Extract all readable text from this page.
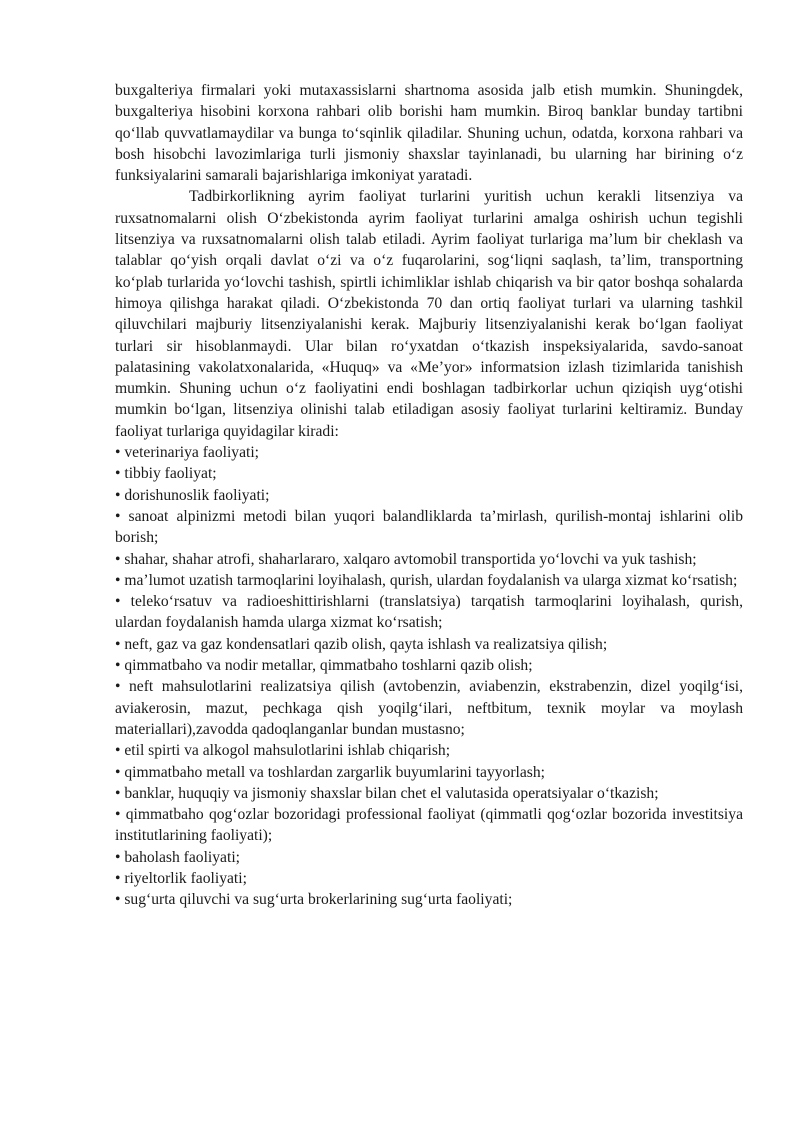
buxgalteriya firmalari yoki mutaxassislarni shartnoma asosida jalb etish mumkin. Shuningdek, buxgalteriya hisobini korxona rahbari olib borishi ham mumkin. Biroq banklar bunday tartibni qo‘llab quvvatlamaydilar va bunga to‘sqinlik qiladilar. Shuning uchun, odatda, korxona rahbari va bosh hisobchi lavozimlariga turli jismoniy shaxslar tayinlanadi, bu ularning har birining o‘z funksiyalarini samarali bajarishlariga imkoniyat yaratadi.

Tadbirkorlikning ayrim faoliyat turlarini yuritish uchun kerakli litsenziya va ruxsatnomalarni olish O‘zbekistonda ayrim faoliyat turlarini amalga oshirish uchun tegishli litsenziya va ruxsatnomalarni olish talab etiladi. Ayrim faoliyat turlariga ma’lum bir cheklash va talablar qo‘yish orqali davlat o‘zi va o‘z fuqarolarini, sog‘liqni saqlash, ta’lim, transportning ko‘plab turlarida yo‘lovchi tashish, spirtli ichimliklar ishlab chiqarish va bir qator boshqa sohalarda himoya qilishga harakat qiladi. O‘zbekistonda 70 dan ortiq faoliyat turlari va ularning tashkil qiluvchilari majburiy litsenziyalanishi kerak. Majburiy litsenziyalanishi kerak bo‘lgan faoliyat turlari sir hisoblanmaydi. Ular bilan ro‘yxatdan o‘tkazish inspeksiyalarida, savdo-sanoat palatasining vakolatxonalarida, «Huquq» va «Me’yor» informatsion izlash tizimlarida tanishish mumkin. Shuning uchun o‘z faoliyatini endi boshlagan tadbirkorlar uchun qiziqish uyg‘otishi mumkin bo‘lgan, litsenziya olinishi talab etiladigan asosiy faoliyat turlarini keltiramiz. Bunday faoliyat turlariga quyidagilar kiradi:

• veterinariya faoliyati;
• tibbiy faoliyat;
• dorishunoslik faoliyati;
• sanoat alpinizmi metodi bilan yuqori balandliklarda ta’mirlash, qurilish-montaj ishlarini olib borish;
• shahar, shahar atrofi, shaharlararo, xalqaro avtomobil transportida yo‘lovchi va yuk tashish;
• ma’lumot uzatish tarmoqlarini loyihalash, qurish, ulardan foydalanish va ularga xizmat ko‘rsatish;
• teleko‘rsatuv va radioeshittirishlarni (translatsiya) tarqatish tarmoqlarini loyihalash, qurish, ulardan foydalanish hamda ularga xizmat ko‘rsatish;
• neft, gaz va gaz kondensatlari qazib olish, qayta ishlash va realizatsiya qilish;
• qimmatbaho va nodir metallar, qimmatbaho toshlarni qazib olish;
• neft mahsulotlarini realizatsiya qilish (avtobenzin, aviabenzin, ekstrabenzin, dizel yoqilg‘isi, aviakerosin, mazut, pechkaga qish yoqilg‘ilari, neftbitum, texnik moylar va moylash materiallari),zavodda qadoqlanganlar bundan mustasno;
• etil spirti va alkogol mahsulotlarini ishlab chiqarish;
• qimmatbaho metall va toshlardan zargarlik buyumlarini tayyorlash;
• banklar, huquqiy va jismoniy shaxslar bilan chet el valutasida operatsiyalar o‘tkazish;
• qimmatbaho qog‘ozlar bozoridagi professional faoliyat (qimmatli qog‘ozlar bozorida investitsiya institutlarining faoliyati);
• baholash faoliyati;
• riyeltorlik faoliyati;
• sug‘urta qiluvchi va sug‘urta brokerlarining sug‘urta faoliyati;
